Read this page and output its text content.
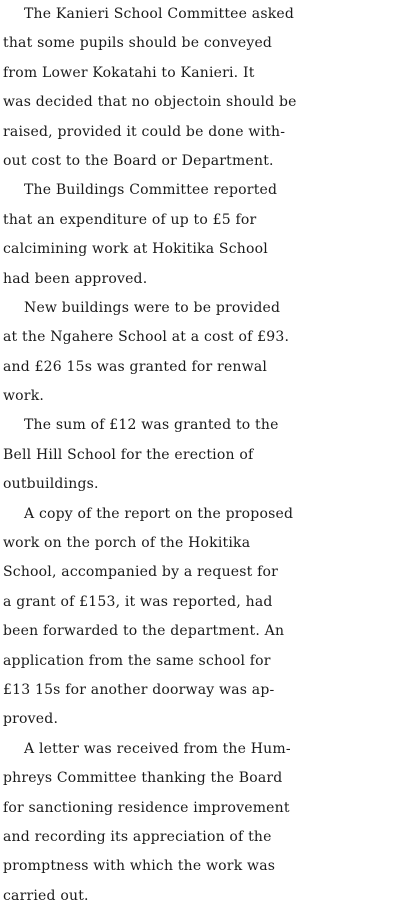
The Kanieri School Committee asked
that some pupils should be conveyed
from Lower Kokatahi to Kanieri. It
was decided that no objectoin should be
raised, provided it could be done with-
out cost to the Board or Department.
The Buildings Committee reported
that an expenditure of up to £5 for
calcimining work at Hokitika School
had been approved.
New buildings were to be provided
at the Ngahere School at a cost of £93.
and £26 15s was granted for renwal
work.
The sum of £12 was granted to the
Bell Hill School for the erection of
outbuildings.
A copy of the report on the proposed
work on the porch of the Hokitika
School, accompanied by a request for
a grant of £153, it was reported, had
been forwarded to the department. An
application from the same school for
£13 15s for another doorway was ap-
proved.
A letter was received from the Hum-
phreys Committee thanking the Board
for sanctioning residence improvement
and recording its appreciation of the
promptness with which the work was
carried out.
